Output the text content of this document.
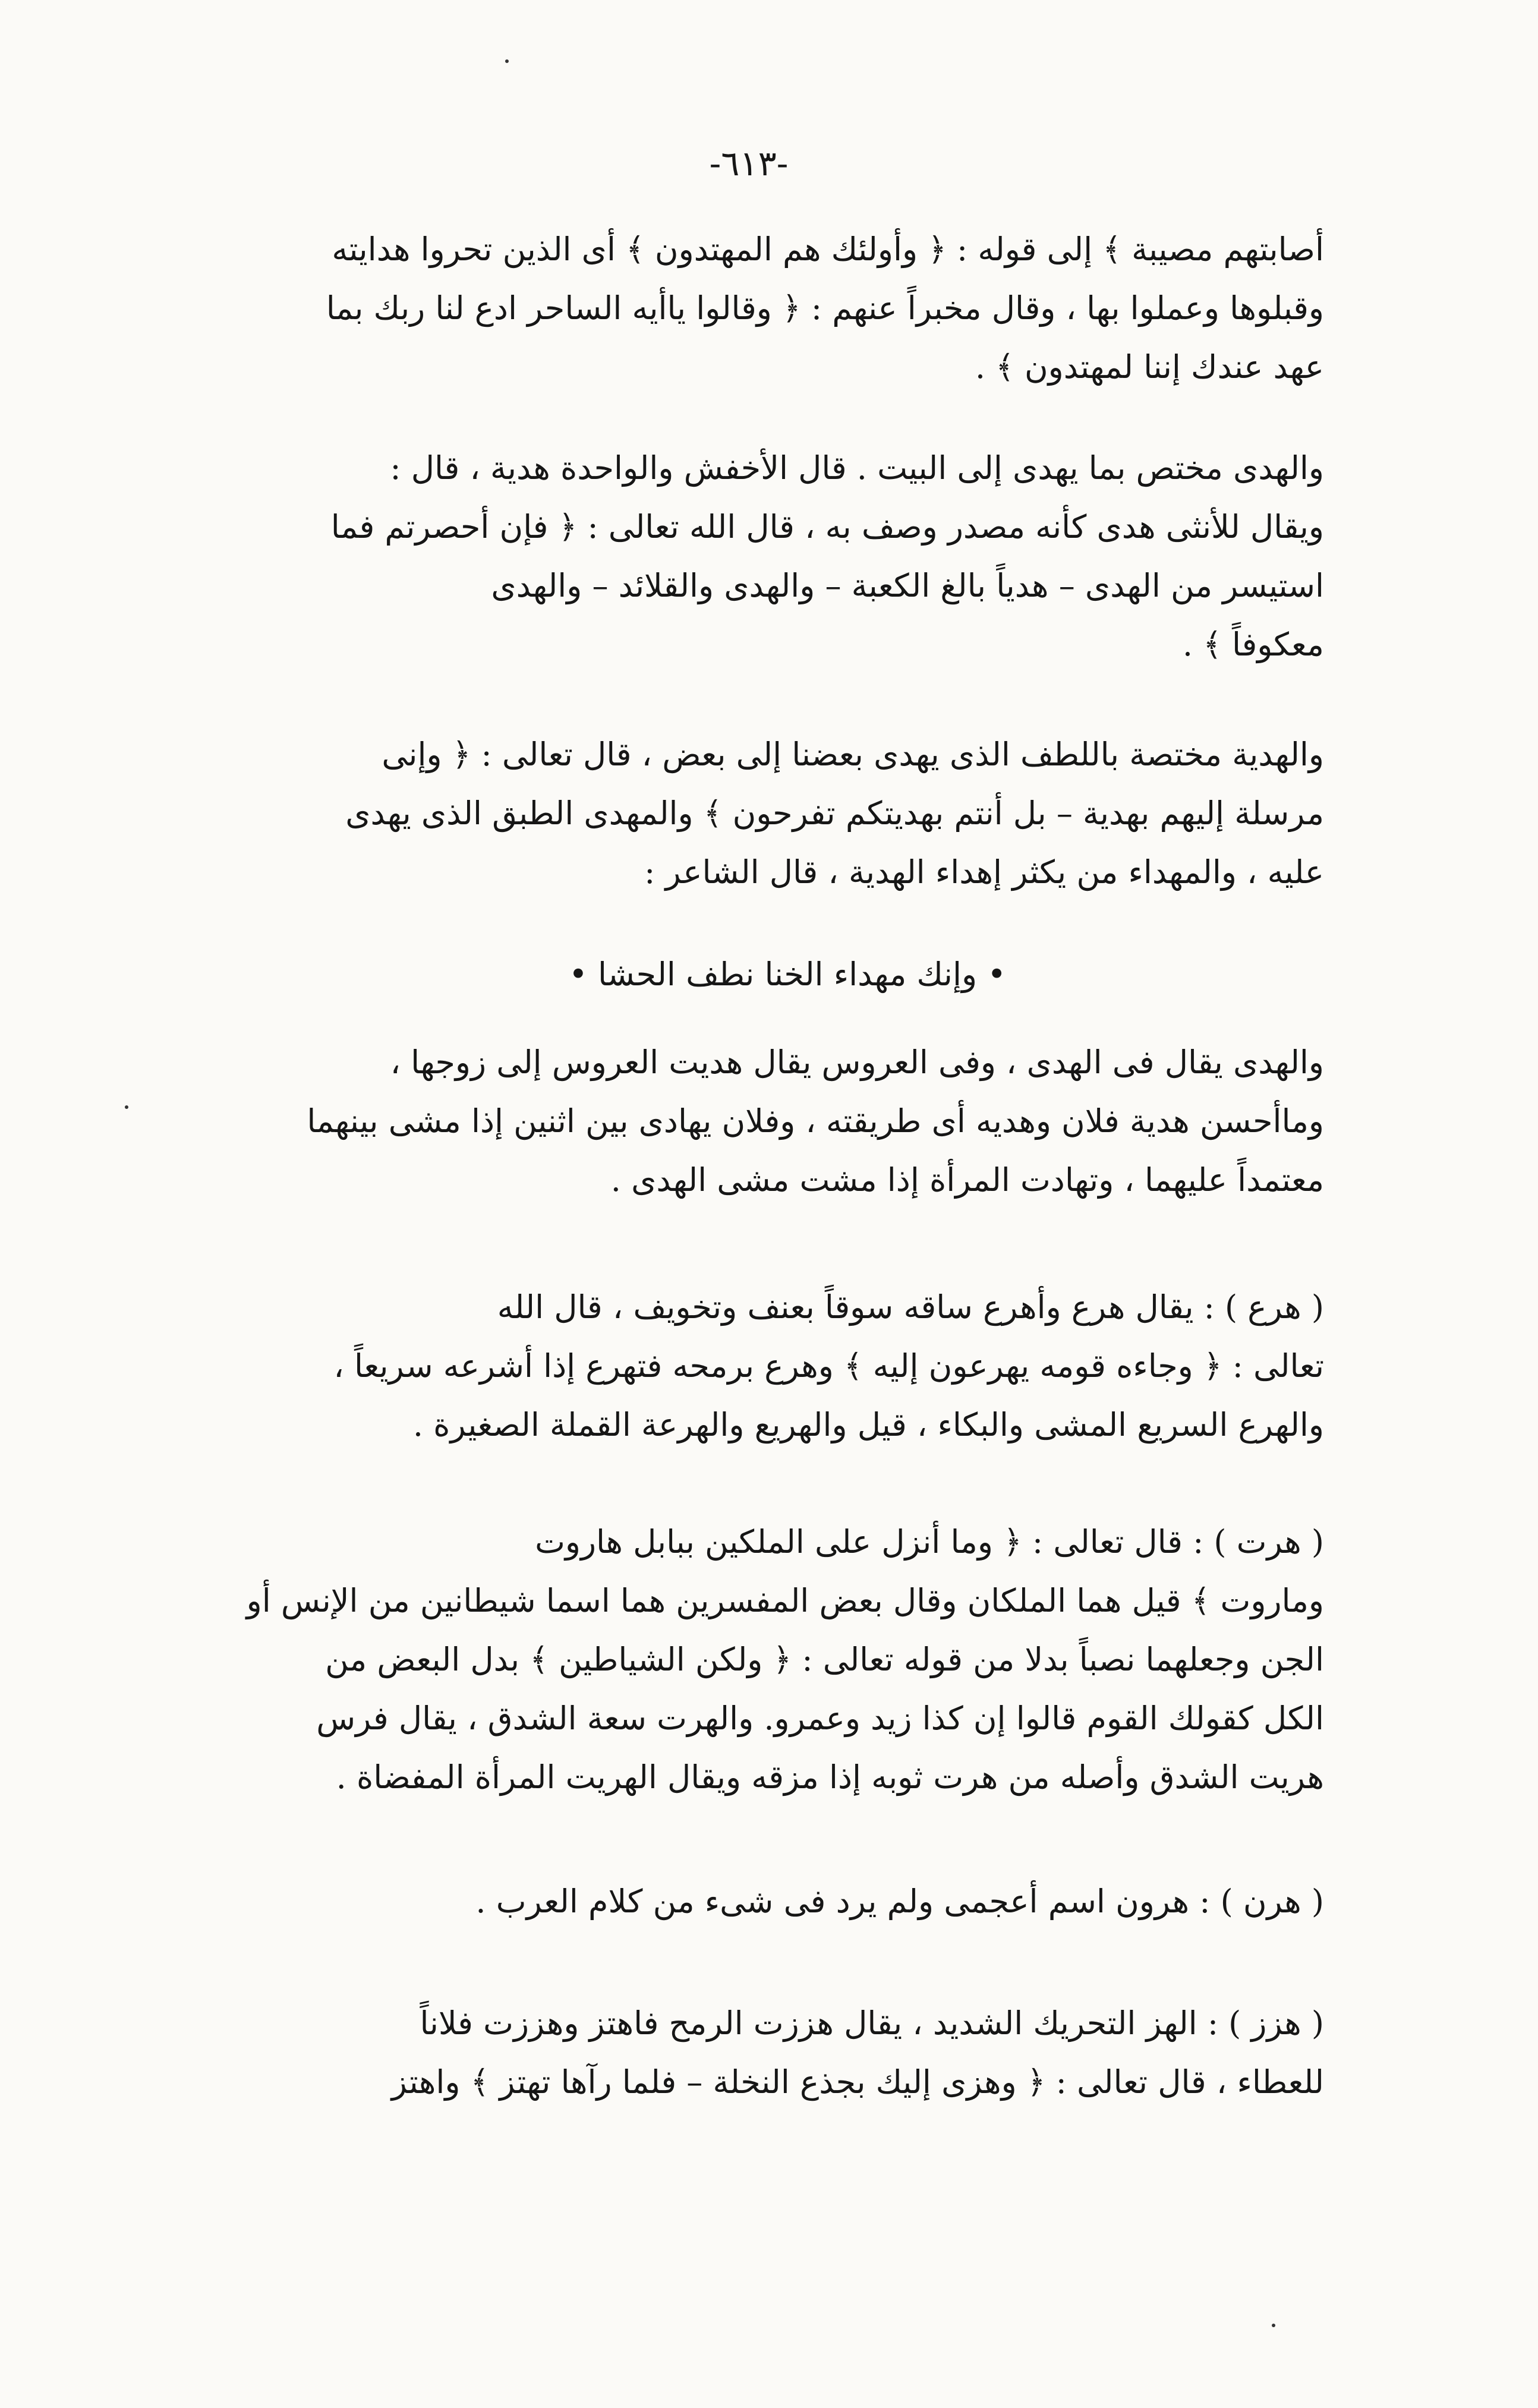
-٦١٣-

أصابتهم مصيبة ﴾ إلى قوله : ﴿ وأولئك هم المهتدون ﴾ أى الذين تحروا هدايته

وقبلوها وعملوا بها ، وقال مخبراً عنهم : ﴿ وقالوا ياأيه الساحر ادع لنا ربك بما

عهد عندك إننا لمهتدون ﴾ .

والهدى مختص بما يهدى إلى البيت . قال الأخفش والواحدة هدية ، قال :

ويقال للأنثى هدى كأنه مصدر وصف به ، قال الله تعالى : ﴿ فإن أحصرتم فما

استيسر من الهدى – هدياً بالغ الكعبة – والهدى والقلائد – والهدى

معكوفاً ﴾ .

والهدية مختصة باللطف الذى يهدى بعضنا إلى بعض ، قال تعالى : ﴿ وإنى

مرسلة إليهم بهدية – بل أنتم بهديتكم تفرحون ﴾ والمهدى الطبق الذى يهدى

عليه ، والمهداء من يكثر إهداء الهدية ، قال الشاعر :

• وإنك مهداء الخنا نطف الحشا •

والهدى يقال فى الهدى ، وفى العروس يقال هديت العروس إلى زوجها ،

وماأحسن هدية فلان وهديه أى طريقته ، وفلان يهادى بين اثنين إذا مشى بينهما

معتمداً عليهما ، وتهادت المرأة إذا مشت مشى الهدى .

( هرع ) : يقال هرع وأهرع ساقه سوقاً بعنف وتخويف ، قال الله

تعالى : ﴿ وجاءه قومه يهرعون إليه ﴾ وهرع برمحه فتهرع إذا أشرعه سريعاً ،

والهرع السريع المشى والبكاء ، قيل والهريع والهرعة القملة الصغيرة .

( هرت ) : قال تعالى : ﴿ وما أنزل على الملكين ببابل هاروت

وماروت ﴾ قيل هما الملكان وقال بعض المفسرين هما اسما شيطانين من الإنس أو

الجن وجعلهما نصباً بدلا من قوله تعالى : ﴿ ولكن الشياطين ﴾ بدل البعض من

الكل كقولك القوم قالوا إن كذا زيد وعمرو. والهرت سعة الشدق ، يقال فرس

هريت الشدق وأصله من هرت ثوبه إذا مزقه ويقال الهريت المرأة المفضاة .

( هرن ) : هرون اسم أعجمى ولم يرد فى شىء من كلام العرب .

( هزز ) : الهز التحريك الشديد ، يقال هززت الرمح فاهتز وهززت فلاناً

للعطاء ، قال تعالى : ﴿ وهزى إليك بجذع النخلة – فلما رآها تهتز ﴾ واهتز
